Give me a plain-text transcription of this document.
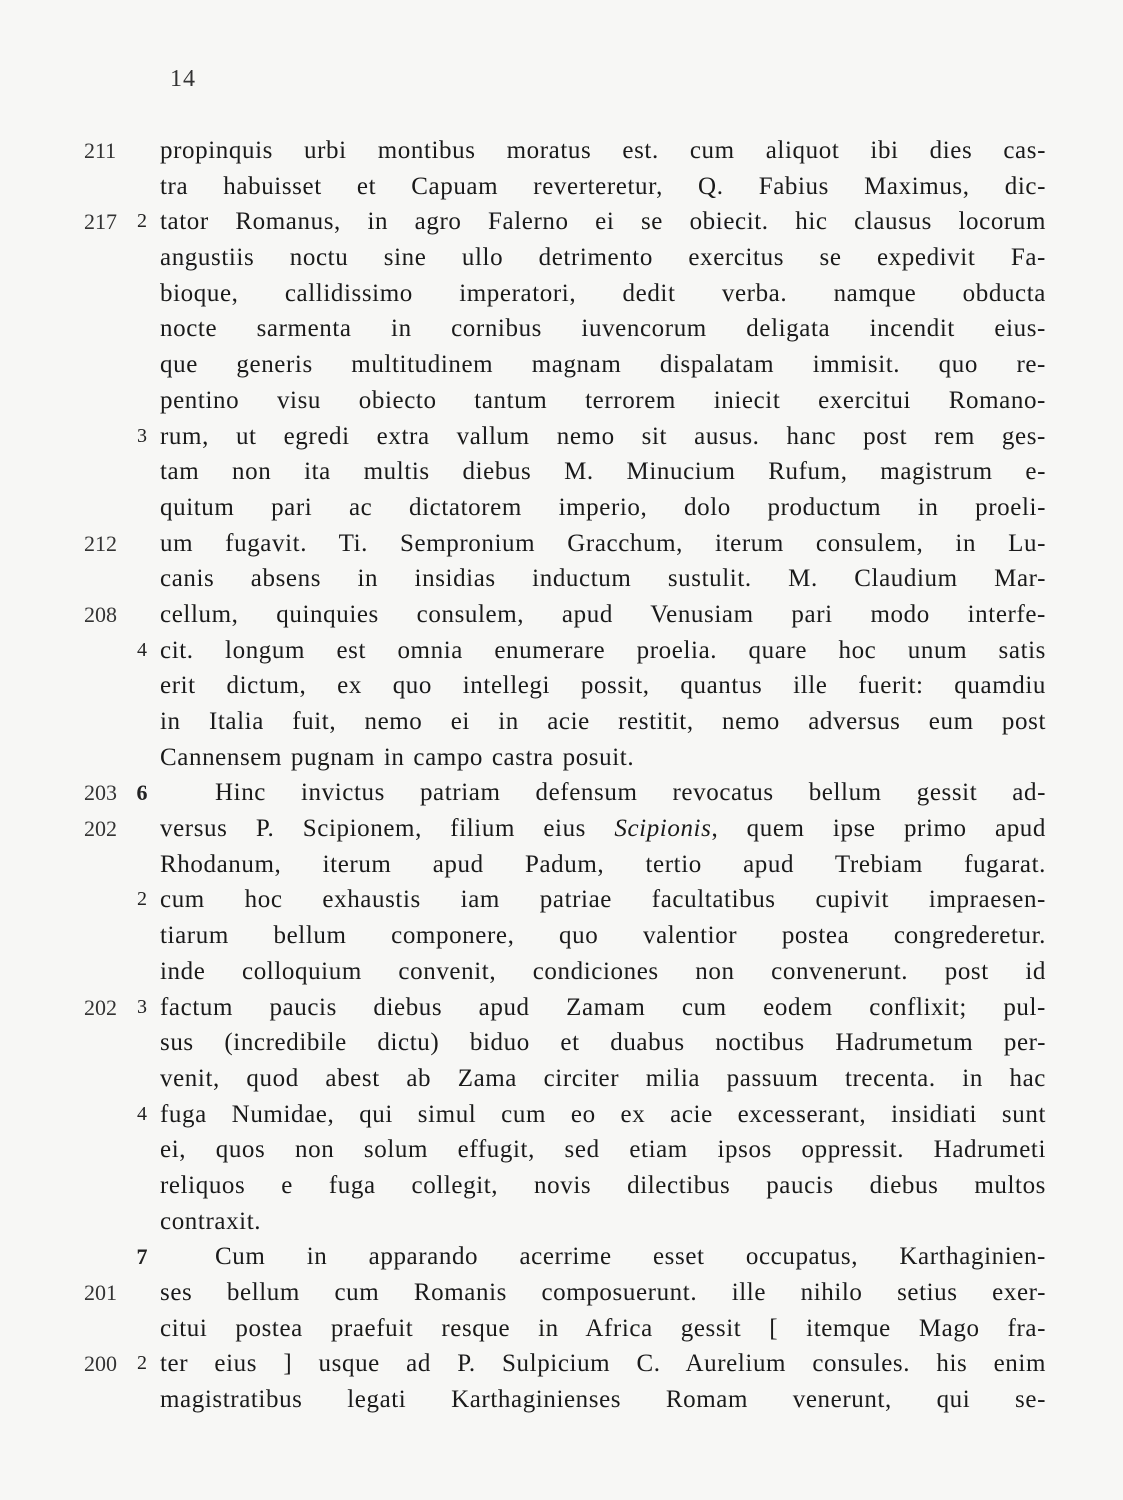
14
211	propinquis urbi montibus moratus est. cum aliquot ibi dies cas-
tra habuisset et Capuam reverteretur, Q. Fabius Maximus, dic-
217	2 tator Romanus, in agro Falerno ei se obiecit. hic clausus locorum
angustiis noctu sine ullo detrimento exercitus se expedivit Fa-
bioque, callidissimo imperatori, dedit verba. namque obducta
nocte sarmenta in cornibus iuvencorum deligata incendit eius-
que generis multitudinem magnam dispalatam immisit. quo re-
pentino visu obiecto tantum terrorem iniecit exercitui Romano-
3 rum, ut egredi extra vallum nemo sit ausus. hanc post rem ges-
tam non ita multis diebus M. Minucium Rufum, magistrum e-
quitum pari ac dictatorem imperio, dolo productum in proeli-
212	um fugavit. Ti. Sempronium Gracchum, iterum consulem, in Lu-
canis absens in insidias inductum sustulit. M. Claudium Mar-
208	cellum, quinquies consulem, apud Venusiam pari modo interfe-
4 cit. longum est omnia enumerare proelia. quare hoc unum satis
erit dictum, ex quo intellegi possit, quantus ille fuerit: quamdiu
in Italia fuit, nemo ei in acie restitit, nemo adversus eum post
Cannensem pugnam in campo castra posuit.
203 6	Hinc invictus patriam defensum revocatus bellum gessit ad-
202	versus P. Scipionem, filium eius Scipionis, quem ipse primo apud
Rhodanum, iterum apud Padum, tertio apud Trebiam fugarat.
2 cum hoc exhaustis iam patriae facultatibus cupivit impraesen-
tiarum bellum componere, quo valentior postea congrederetur.
inde colloquium convenit, condiciones non convenerunt. post id
202	3 factum paucis diebus apud Zamam cum eodem conflixit; pul-
sus (incredibile dictu) biduo et duabus noctibus Hadrumetum per-
venit, quod abest ab Zama circiter milia passuum trecenta. in hac
4 fuga Numidae, qui simul cum eo ex acie excesserant, insidiati sunt
ei, quos non solum effugit, sed etiam ipsos oppressit. Hadrumeti
reliquos e fuga collegit, novis dilectibus paucis diebus multos
contraxit.
7	Cum in apparando acerrime esset occupatus, Karthaginien-
201	ses bellum cum Romanis composuerunt. ille nihilo setius exer-
citui postea praefuit resque in Africa gessit [ itemque Mago fra-
200	2 ter eius ] usque ad P. Sulpicium C. Aurelium consules. his enim
magistratibus legati Karthaginienses Romam venerunt, qui se-
